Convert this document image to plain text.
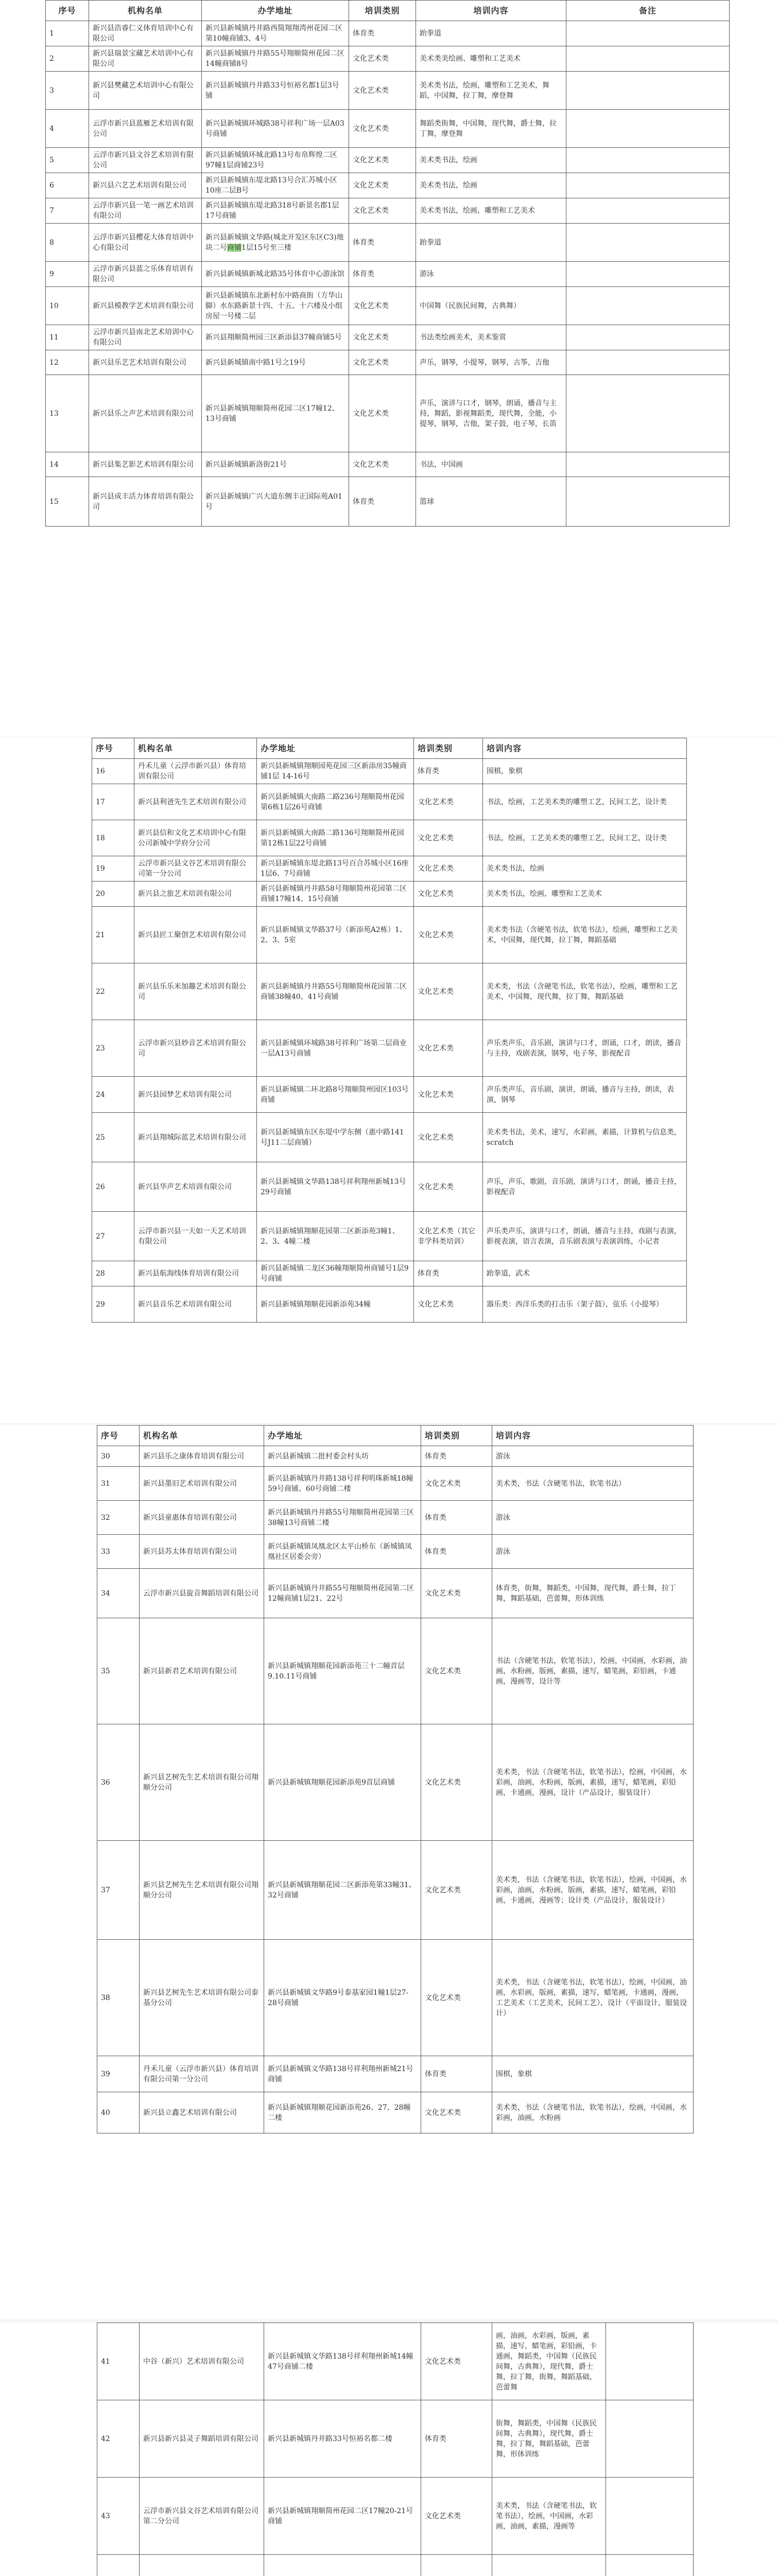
序号	机构名单	办学地址	培训类别	培训内容	备注
1	新兴县浩睿仁义体育培训中心有限公司	新兴县新城镇丹井路西简翔翔湾州花园二区第10幢商铺3、4号	体育类	跆拳道	
2	新兴县瑞景宝藏艺术培训中心有限公司	新兴县新城镇丹井路55号翔顺简州花园二区14幢商铺8号	文化艺术类	美术类美绘画、雕塑和工艺美术	
3	新兴县樊藏艺术培训中心有限公司	新兴县新城镇丹井路33号恒裕名都1层3号铺	文化艺术类	美术类书法，绘画，雕塑和工艺美术，舞蹈，中国舞，拉丁舞，摩登舞	
4	云浮市新兴县蓝雁艺术培训有限公司	新兴县新城镇环城路38号祥利广场一层A03号商铺	文化艺术类	舞蹈类街舞，中国舞，现代舞，爵士舞，拉丁舞，摩登舞	
5	云浮市新兴县文谷艺术培训有限公司	新兴县新城镇环城北路13号布帛辉煌二区97幢1层商铺23号	文化艺术类	美术类书法，绘画	
6	新兴县六艺艺术培训有限公司	新兴县新城镇东堤北路13号合汇苏城小区10座二层B号	文化艺术类	美术类书法，绘画	
7	云浮市新兴县一笔一画艺术培训有限公司	新兴县新城镇东堤北路318号新景名郡1层17号商铺	文化艺术类	美术类书法，绘画，雕塑和工艺美术	
8	云浮市新兴县樱花大体育培训中心有限公司	新兴县新城镇文华路(城北开发区东区C3)地块二号商铺1层15号至三楼	体育类	跆拳道	
9	云浮市新兴县蓝之乐体育培训有限公司	新兴县新城镇新城北路35号体育中心游泳馆	体育类	游泳	
10	新兴县模教学艺术培训有限公司	新兴县新城镇东北新村东中路商街（方华山脚）水东路新景十四、十五、十六楼及小组房屋一号楼二层	文化艺术类	中国舞（民族民间舞，古典舞）	
11	云浮市新兴县南北艺术培训中心有限公司	新兴县翔顺简州园三区新添县37幢商铺5号	文化艺术类	书法类绘画美术，美术鉴赏	
12	新兴县乐艺艺术培训有限公司	新兴县新城镇南中路1号之19号	文化艺术类	声乐，钢琴，小提琴，钢琴，古筝，吉他	
13	新兴县乐之声艺术培训有限公司	新兴县新城镇翔顺简州花园二区17幢12、13号商铺	文化艺术类	声乐，演讲与口才，钢琴，朗诵，播音与主持，舞蹈，影视舞蹈类，现代舞，全能，小提琴，钢琴，吉他，架子鼓，电子琴，长笛	
14	新兴县集艺影艺术培训有限公司	新兴县新城镇新洛街21号	文化艺术类	书法，中国画	
15	新兴县成丰活力体育培训有限公司	新兴县新城镇广兴大道东侧丰正国际苑A01号	体育类	篮球	
序号	机构名单	办学地址	培训类别	培训内容
16	丹禾儿童（云浮市新兴县）体育培训有限公司	新兴县新城镇翔顺园苑花园三区新添房35幢商铺1层 14-16号	体育类	围棋，象棋
17	新兴县利爸先生艺术培训有限公司	新兴县新城镇大南路二路236号翔顺简州花园第6栋1层26号商铺	文化艺术类	书法，绘画，工艺美术类的雕塑工艺，民间工艺，设计类
18	新兴县信和文化艺术培训中心有限公司新城中学府分公司	新兴县新城镇大南路二路136号翔顺简州花园第12栋1层22号商铺	文化艺术类	书法，绘画，工艺美术类的雕塑工艺，民间工艺，设计类
19	云浮市新兴县文谷艺术培训有限公司第一分公司	新兴县新城镇东堤北路13号百合苏城小区16座1层6、7号商铺	文化艺术类	美术类书法，绘画
20	新兴县之旅艺术培训有限公司	新兴县新城镇丹井路58号翔顺简州花园第二区商铺17幢14、15号商铺	文化艺术类	美术类书法，绘画，雕塑和工艺美术
21	新兴县匠工聚创艺术培训有限公司	新兴县新城镇文华路37号（新添苑A2栋）1、2、3、5室	文化艺术类	美术类书法（含硬笔书法，软笔书法），绘画，雕塑和工艺美术，中国舞，现代舞，拉丁舞，舞蹈基础
22	新兴县乐乐米加趣艺术培训有限公司	新兴县新城镇丹井路55号翔顺简州花园第二区商铺38幢40、41号商铺	文化艺术类	美术类，书法（含硬笔书法，软笔书法），绘画，雕塑和工艺美术，中国舞，现代舞，拉丁舞，舞蹈基础
23	云浮市新兴县妙音艺术培训有限公司	新兴县新城镇环城路38号祥利广场第二层商业一层A13号商铺	文化艺术类	声乐类声乐，音乐剧，演讲与口才，朗诵，口才，朗读，播音与主持，戏剧表演，钢琴，电子琴，影视配音
24	新兴县园梦艺术培训有限公司	新兴县新城镇二环北路8号翔顺简州园区103号商铺	文化艺术类	声乐类声乐，音乐剧，演讲，朗诵，播音与主持，朗读，表演，钢琴
25	新兴县翔城际蓝艺术培训有限公司	新兴县新城镇东区东堤中学东侧（惠中路141号J11二层商铺）	文化艺术类	美术类书法，美术，速写，水彩画，素描，计算机与信息类，scratch
26	新兴县华声艺术培训有限公司	新兴县新城镇文华路138号祥利翔州新城13号29号商铺	文化艺术类	声乐，声乐，歌剧，音乐剧，演讲与口才，朗诵，播音主持，影视配音
27	云浮市新兴县一天如一天艺术培训有限公司	新兴县新城镇翔顺花园第二区新添苑3幢1、2、3、4幢二楼	文化艺术类（其它非学科类培训）	声乐类声乐，演讲与口才，朗诵，播音与主持，戏剧与表演，影视表演，语言表演，音乐剧表演与表演训练，小记者
28	新兴县航海线体育培训有限公司	新兴县新城镇二龙区36幢翔顺简州商铺号1层9号商铺	体育类	跆拳道，武术
29	新兴县音乐艺术培训有限公司	新兴县新城镇翔顺花园新添苑34幢	文化艺术类	器乐类：西洋乐类的打击乐（架子鼓），弦乐（小提琴）
序号	机构名单	办学地址	培训类别	培训内容
30	新兴县乐之康体育培训有限公司	新兴县新城镇二批村委会村头坊	体育类	游泳
31	新兴县墨旧艺术培训有限公司	新兴县新城镇丹井路138号祥利明珠新城18幢59号商铺、60号商铺二楼	文化艺术类	美术类，书法（含硬笔书法，软笔书法）
32	新兴县童惠体育培训有限公司	新兴县新城镇丹井路55号翔顺简州花园第三区38幢13号商铺二楼	体育类	游泳
33	新兴县苏太体育培训有限公司	新兴县新城镇凤凰北区太平山桥东（新城镇凤凰社区居委会旁）	体育类	游泳
34	云浮市新兴县旋音舞蹈培训有限公司	新兴县新城镇丹井路55号翔顺简州花园第二区12幢商铺1层21、22号	文化艺术类	体育类，街舞，舞蹈类，中国舞，现代舞，爵士舞，拉丁舞，舞蹈基础，芭蕾舞，形体训练
35	新兴县新君艺术培训有限公司	新兴县新城镇翔顺花园新添苑三十二幢首层9.10.11号商铺	文化艺术类	书法（含硬笔书法，软笔书法），绘画，中国画，水彩画，油画，水粉画，版画，素描，速写，蜡笔画，彩铅画，卡通画，漫画等，设计等
36	新兴县艺树先生艺术培训有限公司翔顺分公司	新兴县新城镇翔顺花园新添苑9首层商铺	文化艺术类	美术类，书法（含硬笔书法，软笔书法），绘画，中国画，水彩画，油画，水粉画，版画，素描，速写，蜡笔画，彩铅画，卡通画，漫画，设计（产品设计，服装设计）
37	新兴县艺树先生艺术培训有限公司翔顺分公司	新兴县新城镇翔顺花园二区新添苑第33幢31、32号商铺	文化艺术类	美术类，书法（含硬笔书法，软笔书法），绘画，中国画，水彩画，油画，水粉画，版画，素描，速写，蜡笔画，彩铅画，卡通画，漫画等；设计类（产品设计，服装设计）
38	新兴县艺树先生艺术培训有限公司泰基分公司	新兴县新城镇文华路9号泰基家园1幢1层27-28号商铺	文化艺术类	美术类，书法（含硬笔书法，软笔书法），绘画，中国画，油画，水彩画，版画，素描，速写，蜡笔画，卡通画，漫画，工艺美术（工艺美术，民间工艺），设计（平面设计，服装设计）
39	丹禾儿童（云浮市新兴县）体育培训有限公司第一分公司	新兴县新城镇文华路138号祥利翔州新城21号商铺	体育类	围棋，象棋
40	新兴县立鑫艺术培训有限公司	新兴县新城镇翔顺花园新添苑26、27、28幢二楼	文化艺术类	美术类，书法（含硬笔书法，软笔书法），绘画，中国画，水彩画，油画，水粉画
41	中谷（新兴）艺术培训有限公司	新兴县新城镇文华路138号祥利翔州新城14幢47号商铺二楼	文化艺术类	画，油画，水彩画，版画，素描，速写，蜡笔画，彩铅画，卡通画，舞蹈类，中国舞（民族民间舞，古典舞），现代舞，爵士舞，拉丁舞，街舞，舞蹈基础，芭蕾舞	
42	新兴县新兴县灵子舞蹈培训有限公司	新兴县新城镇丹井路33号恒裕名都二楼	体育类	街舞，舞蹈类，中国舞（民族民间舞，古典舞），现代舞，爵士舞，拉丁舞，舞蹈基础，芭蕾舞，形体训练	
43	云浮市新兴县文谷艺术培训有限公司第二分公司	新兴县新城镇翔顺简州花园二区17幢20-21号商铺	文化艺术类	美术类，书法（含硬笔书法，软笔书法），绘画，中国画，水彩画，油画，素描，漫画等	
